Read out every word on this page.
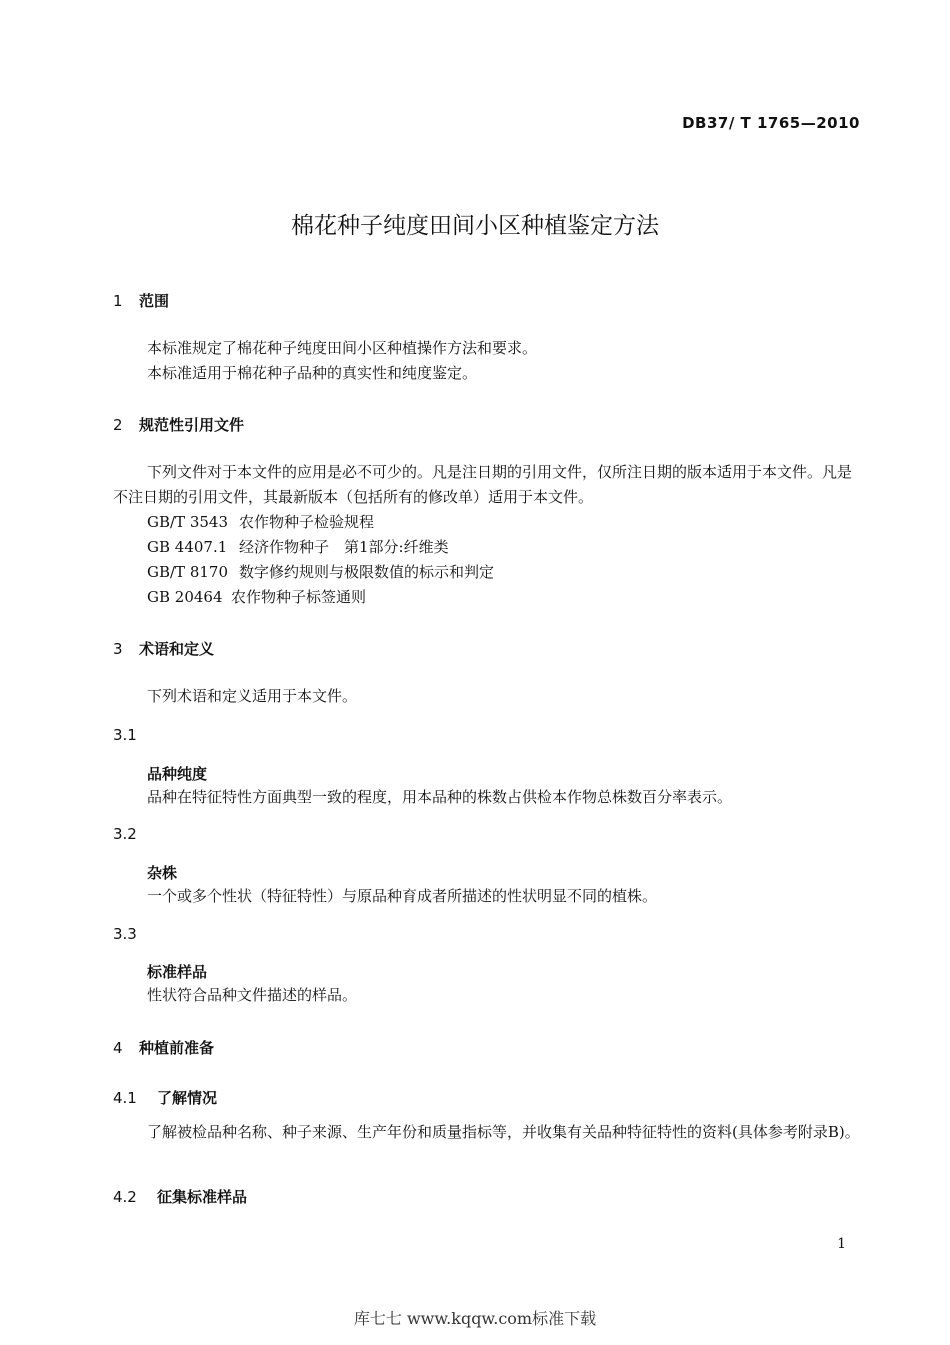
DB37/ T 1765—2010
棉花种子纯度田间小区种植鉴定方法
1 范围
本标准规定了棉花种子纯度田间小区种植操作方法和要求。
本标准适用于棉花种子品种的真实性和纯度鉴定。
2 规范性引用文件
下列文件对于本文件的应用是必不可少的。凡是注日期的引用文件，仅所注日期的版本适用于本文件。凡是不注日期的引用文件，其最新版本（包括所有的修改单）适用于本文件。
GB/T 3543 农作物种子检验规程
GB 4407.1 经济作物种子　第1部分:纤维类
GB/T 8170 数字修约规则与极限数值的标示和判定
GB 20464 农作物种子标签通则
3 术语和定义
下列术语和定义适用于本文件。
3.1
品种纯度
品种在特征特性方面典型一致的程度，用本品种的株数占供检本作物总株数百分率表示。
3.2
杂株
一个或多个性状（特征特性）与原品种育成者所描述的性状明显不同的植株。
3.3
标准样品
性状符合品种文件描述的样品。
4 种植前准备
4.1 了解情况
了解被检品种名称、种子来源、生产年份和质量指标等，并收集有关品种特征特性的资料(具体参考附录B)。
4.2 征集标准样品
1
库七七 www.kqqw.com标准下载
